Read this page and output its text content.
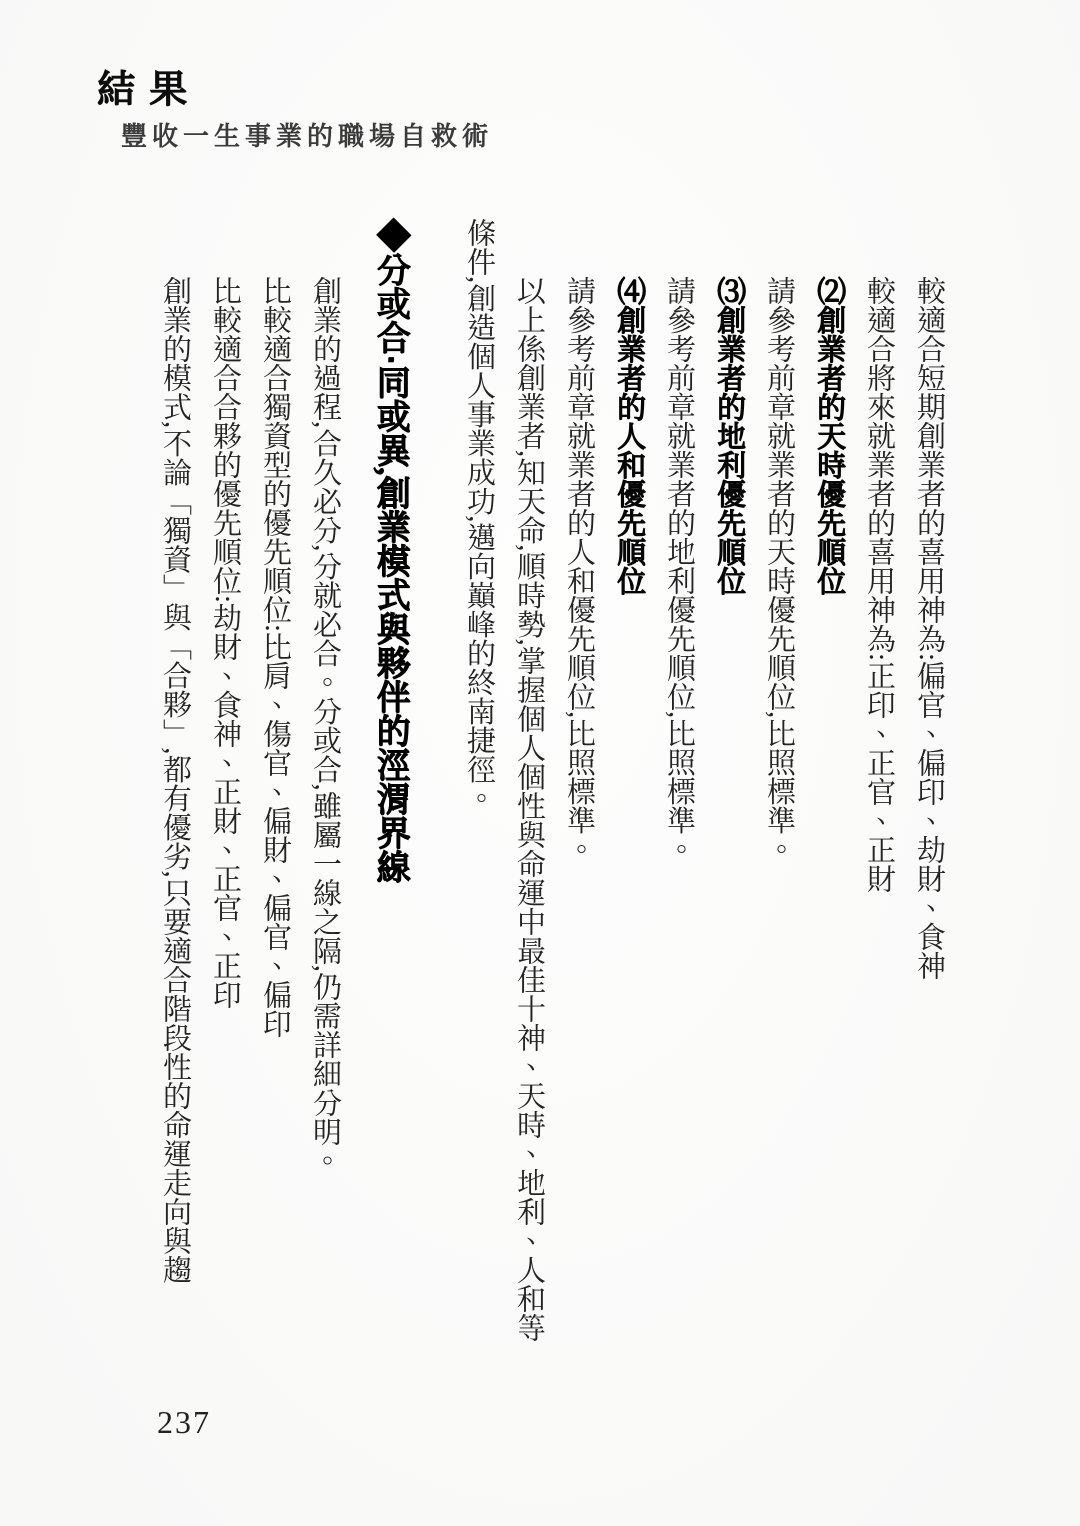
結果
豐收一生事業的職場自救術

較適合短期創業者的喜用神為:偏官、偏印、劫財、食神

較適合將來就業者的喜用神為:正印、正官、正財

⑵創業者的天時優先順位

請參考前章就業者的天時優先順位,比照標準。

⑶創業者的地利優先順位

請參考前章就業者的地利優先順位,比照標準。

⑷創業者的人和優先順位

請參考前章就業者的人和優先順位,比照標準。

以上係創業者,知天命,順時勢,掌握個人個性與命運中最佳十神、天時、地利、人和等條件,創造個人事業成功,邁向巔峰的終南捷徑。

◆分或合‧同或異,創業模式與夥伴的涇渭界線

創業的過程,合久必分,分就必合。分或合,雖屬一線之隔,仍需詳細分明。

比較適合獨資型的優先順位:比肩、傷官、偏財、偏官、偏印

比較適合合夥的優先順位:劫財、食神、正財、正官、正印

創業的模式,不論「獨資」與「合夥」,都有優劣,只要適合階段性的命運走向與趨

237
